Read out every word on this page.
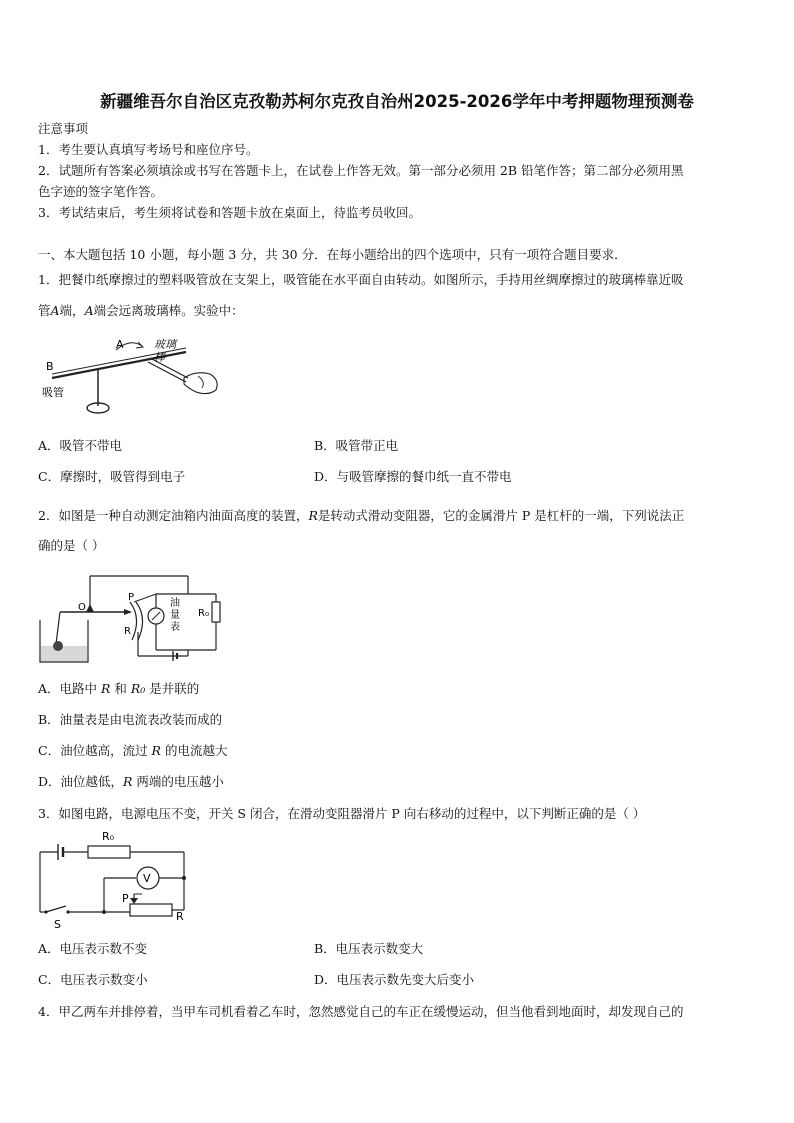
新疆维吾尔自治区克孜勒苏柯尔克孜自治州2025-2026学年中考押题物理预测卷
注意事项
1．考生要认真填写考场号和座位序号。
2．试题所有答案必须填涂或书写在答题卡上，在试卷上作答无效。第一部分必须用 2B 铅笔作答；第二部分必须用黑
色字迹的签字笔作答。
3．考试结束后，考生须将试卷和答题卡放在桌面上，待监考员收回。
一、本大题包括 10 小题，每小题 3 分，共 30 分．在每小题给出的四个选项中，只有一项符合题目要求．
1．把餐巾纸摩擦过的塑料吸管放在支架上，吸管能在水平面自由转动。如图所示，手持用丝绸摩擦过的玻璃棒靠近吸
管A端，A端会远离玻璃棒。实验中：
B
A
吸管
玻璃
棒
A．吸管不带电	B．吸管带正电
C．摩擦时，吸管得到电子	D．与吸管摩擦的餐巾纸一直不带电
2．如图是一种自动测定油箱内油面高度的装置，R是转动式滑动变阻器，它的金属滑片 P 是杠杆的一端，下列说法正
确的是（ ）
O
P
R
油
量
表
R₀
A．电路中 R 和 R₀ 是并联的
B．油量表是由电流表改装而成的
C．油位越高，流过 R 的电流越大
D．油位越低，R 两端的电压越小
3．如图电路，电源电压不变，开关 S 闭合，在滑动变阻器滑片 P 向右移动的过程中，以下判断正确的是（ ）
R₀
V
P
R
S
A．电压表示数不变	B．电压表示数变大
C．电压表示数变小	D．电压表示数先变大后变小
4．甲乙两车并排停着，当甲车司机看着乙车时，忽然感觉自己的车正在缓慢运动，但当他看到地面时，却发现自己的
